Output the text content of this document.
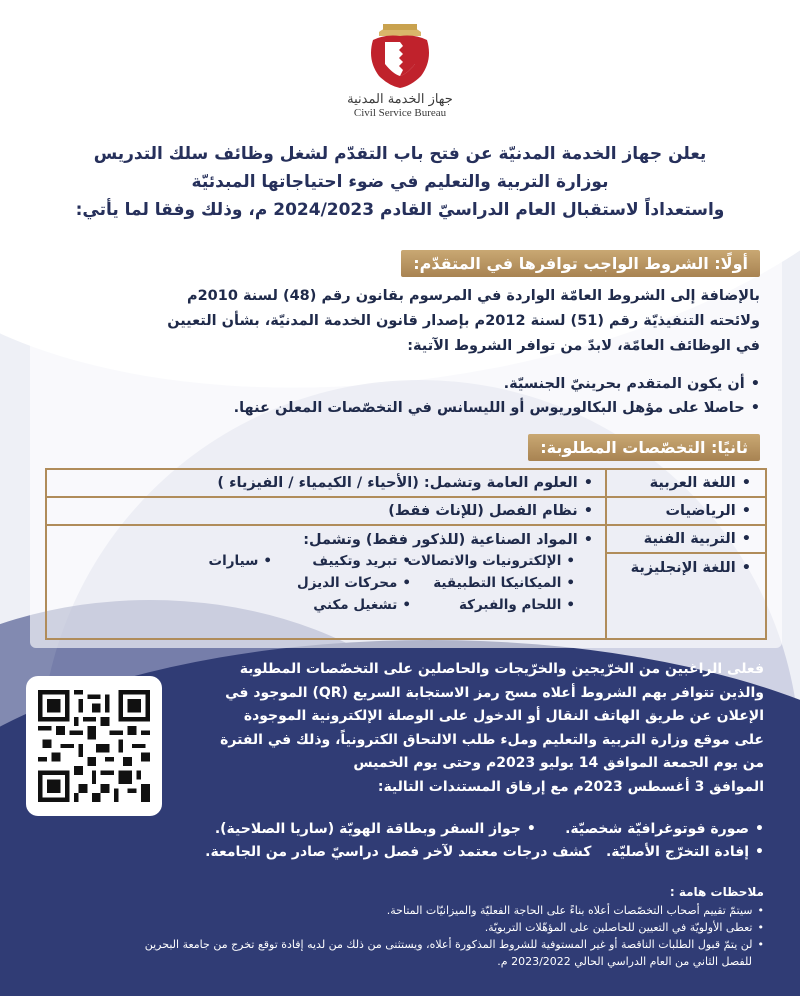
جهاز الخدمة المدنية
Civil Service Bureau
يعلن جهاز الخدمة المدنيّة عن فتح باب التقدّم لشغل وظائف سلك التدريس
بوزارة التربية والتعليم في ضوء احتياجاتها المبدئيّة
واستعداداً لاستقبال العام الدراسيّ القادم 2024/2023 م، وذلك وفقا لما يأتي:
أولًا: الشروط الواجب توافرها في المتقدّم:

بالإضافة إلى الشروط العامّة الواردة في المرسوم بقانون رقم (48) لسنة 2010م

ولائحته التنفيذيّة رقم (51) لسنة 2012م بإصدار قانون الخدمة المدنيّة، بشأن التعيين

في الوظائف العامّة، لابدّ من توافر الشروط الآتية:

• أن يكون المتقدم بحرينيّ الجنسيّة.
• حاصلا على مؤهل البكالوريوس أو الليسانس في التخصّصات المعلن عنها.
ثانيًا: التخصّصات المطلوبة:
•
اللغة العربية
•
الرياضيات
•
التربية الفنية
•
اللغة الإنجليزية
•
العلوم العامة وتشمل: (الأحياء / الكيمياء / الفيزياء )
•
نظام الفصل (للإناث فقط)
• المواد الصناعية (للذكور فقط) وتشمل:
• الإلكترونيات والاتصالات
• تبريد وتكييف
• سيارات
• الميكانيكا التطبيقية
• محركات الديزل
• اللحام والفبركة
• تشغيل مكني

فعلى الراغبين من الخرّيجين والخرّيجات والحاصلين على التخصّصات المطلوبة

والذين تتوافر بهم الشروط أعلاه مسح رمز الاستجابة السريع (QR) الموجود في

الإعلان عن طريق الهاتف النقال أو الدخول على الوصلة الإلكترونية الموجودة

على موقع وزارة التربية والتعليم وملء طلب الالتحاق الكترونياً، وذلك في الفترة

من يوم الجمعة الموافق 14 يوليو 2023م وحتى يوم الخميس

الموافق 3 أغسطس 2023م مع إرفاق المستندات التالية:

• صورة فوتوغرافيّة شخصيّة.      • جواز السفر وبطاقة الهويّة (ساريا الصلاحية).
• إفادة التخرّج الأصليّة.   كشف درجات معتمد لآخر فصل دراسيّ صادر من الجامعة.
ملاحظات هامة :
• سيتمّ تقييم أصحاب التخصّصات أعلاه بناءً على الحاجة الفعليّة والميزانيّات المتاحة.
• تعطى الأولويّة في التعيين للحاصلين على المؤهّلات التربويّة.
• لن يتمّ قبول الطلبات الناقصة أو غير المستوفية للشروط المذكورة أعلاه، ويستثنى من ذلك من لديه إفادة توقع تخرج من جامعة البحرين
للفصل الثاني من العام الدراسي الحالي 2023/2022 م.
